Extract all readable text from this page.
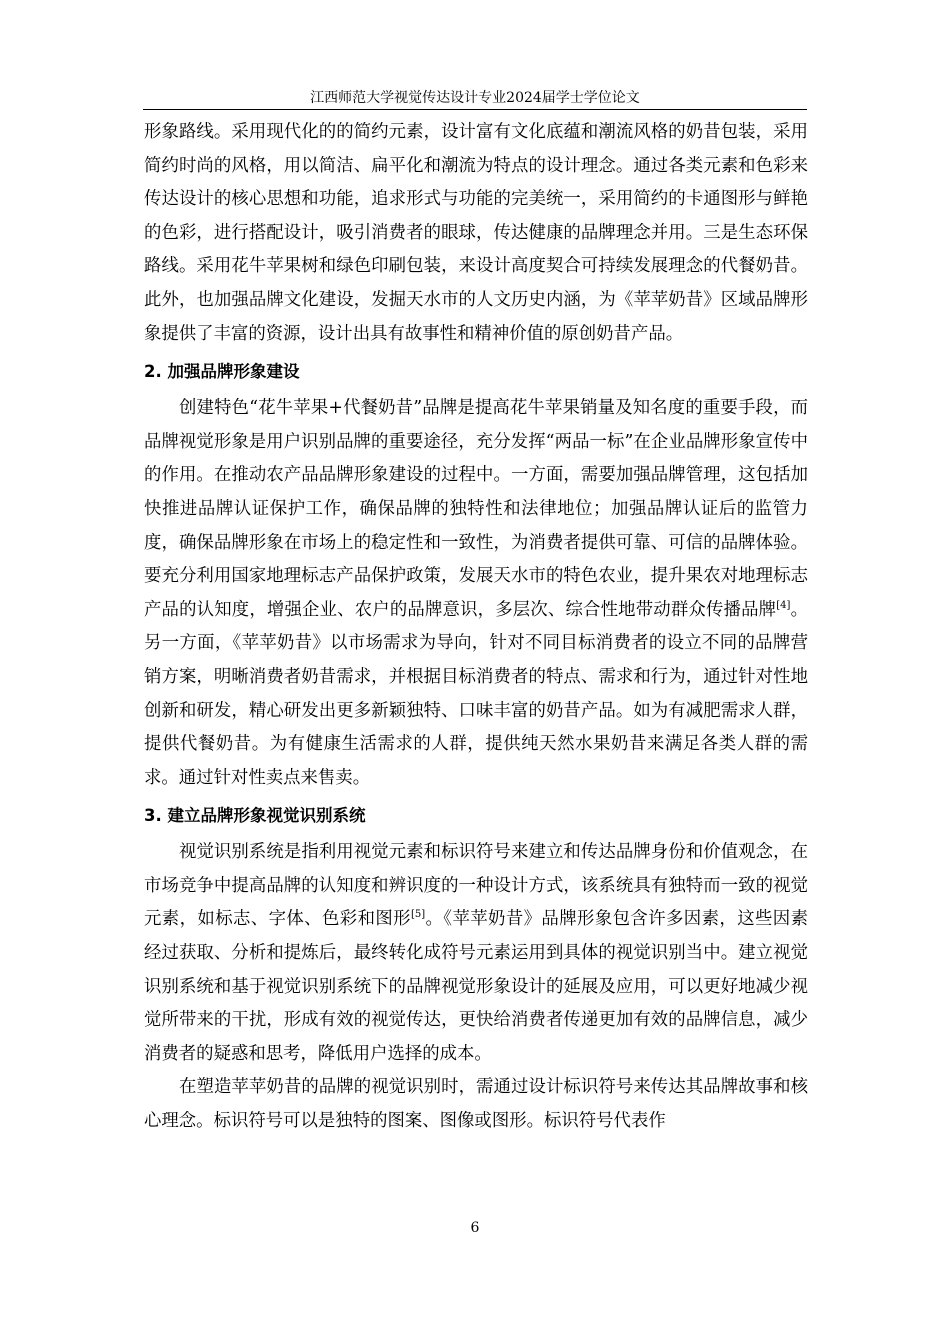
江西师范大学视觉传达设计专业2024届学士学位论文

形象路线。采用现代化的的简约元素，设计富有文化底蕴和潮流风格的奶昔包装，采用简约时尚的风格，用以简洁、扁平化和潮流为特点的设计理念。通过各类元素和色彩来传达设计的核心思想和功能，追求形式与功能的完美统一，采用简约的卡通图形与鲜艳的色彩，进行搭配设计，吸引消费者的眼球，传达健康的品牌理念并用。三是生态环保路线。采用花牛苹果树和绿色印刷包装，来设计高度契合可持续发展理念的代餐奶昔。此外，也加强品牌文化建设，发掘天水市的人文历史内涵，为《苹苹奶昔》区域品牌形象提供了丰富的资源，设计出具有故事性和精神价值的原创奶昔产品。

2. 加强品牌形象建设

创建特色“花牛苹果+代餐奶昔”品牌是提高花牛苹果销量及知名度的重要手段，而品牌视觉形象是用户识别品牌的重要途径，充分发挥“两品一标”在企业品牌形象宣传中的作用。在推动农产品品牌形象建设的过程中。一方面，需要加强品牌管理，这包括加快推进品牌认证保护工作，确保品牌的独特性和法律地位；加强品牌认证后的监管力度，确保品牌形象在市场上的稳定性和一致性，为消费者提供可靠、可信的品牌体验。要充分利用国家地理标志产品保护政策，发展天水市的特色农业，提升果农对地理标志产品的认知度，增强企业、农户的品牌意识，多层次、综合性地带动群众传播品牌[4]。另一方面，《苹苹奶昔》以市场需求为导向，针对不同目标消费者的设立不同的品牌营销方案，明晰消费者奶昔需求，并根据目标消费者的特点、需求和行为，通过针对性地创新和研发，精心研发出更多新颖独特、口味丰富的奶昔产品。如为有减肥需求人群，提供代餐奶昔。为有健康生活需求的人群，提供纯天然水果奶昔来满足各类人群的需求。通过针对性卖点来售卖。

3. 建立品牌形象视觉识别系统

视觉识别系统是指利用视觉元素和标识符号来建立和传达品牌身份和价值观念，在市场竞争中提高品牌的认知度和辨识度的一种设计方式，该系统具有独特而一致的视觉元素，如标志、字体、色彩和图形[5]。《苹苹奶昔》品牌形象包含许多因素，这些因素经过获取、分析和提炼后，最终转化成符号元素运用到具体的视觉识别当中。建立视觉识别系统和基于视觉识别系统下的品牌视觉形象设计的延展及应用，可以更好地减少视觉所带来的干扰，形成有效的视觉传达，更快给消费者传递更加有效的品牌信息，减少消费者的疑惑和思考，降低用户选择的成本。

在塑造苹苹奶昔的品牌的视觉识别时，需通过设计标识符号来传达其品牌故事和核心理念。标识符号可以是独特的图案、图像或图形。标识符号代表作

6
